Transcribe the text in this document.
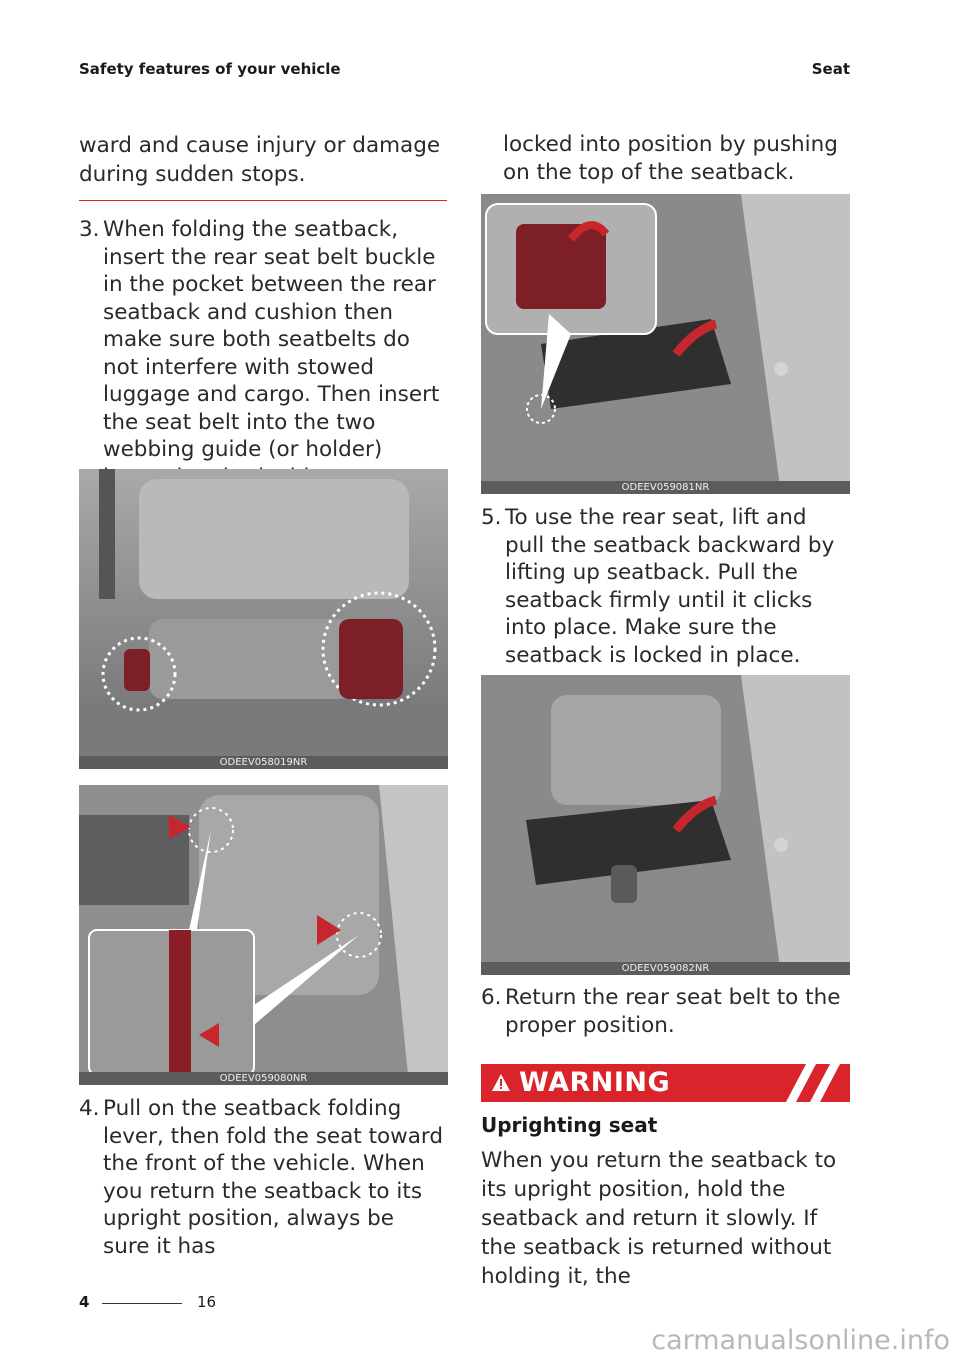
Safety features of your vehicle	Seat
ward and cause injury or damage during sudden stops.
3. When folding the seatback, insert the rear seat belt buckle in the pocket between the rear seatback and cushion then make sure both seatbelts do not interfere with stowed luggage and cargo. Then insert the seat belt into the two webbing guide (or holder)
ODEEV058019NR
ODEEV059080NR
4. Pull on the seatback folding lever, then fold the seat toward the front of the vehicle. When you return the seatback to its upright position, always be sure it has
locked into position by pushing on the top of the seatback.
ODEEV059081NR
5. To use the rear seat, lift and pull the seatback backward by lifting up seatback. Pull the seatback firmly until it clicks into place. Make sure the seatback is locked in place.
ODEEV059082NR
6. Return the rear seat belt to the proper position.
WARNING
Uprighting seat
When you return the seatback to its upright position, hold the seatback and return it slowly. If the seatback is returned without holding it, the
4	16
carmanualsonline.info
